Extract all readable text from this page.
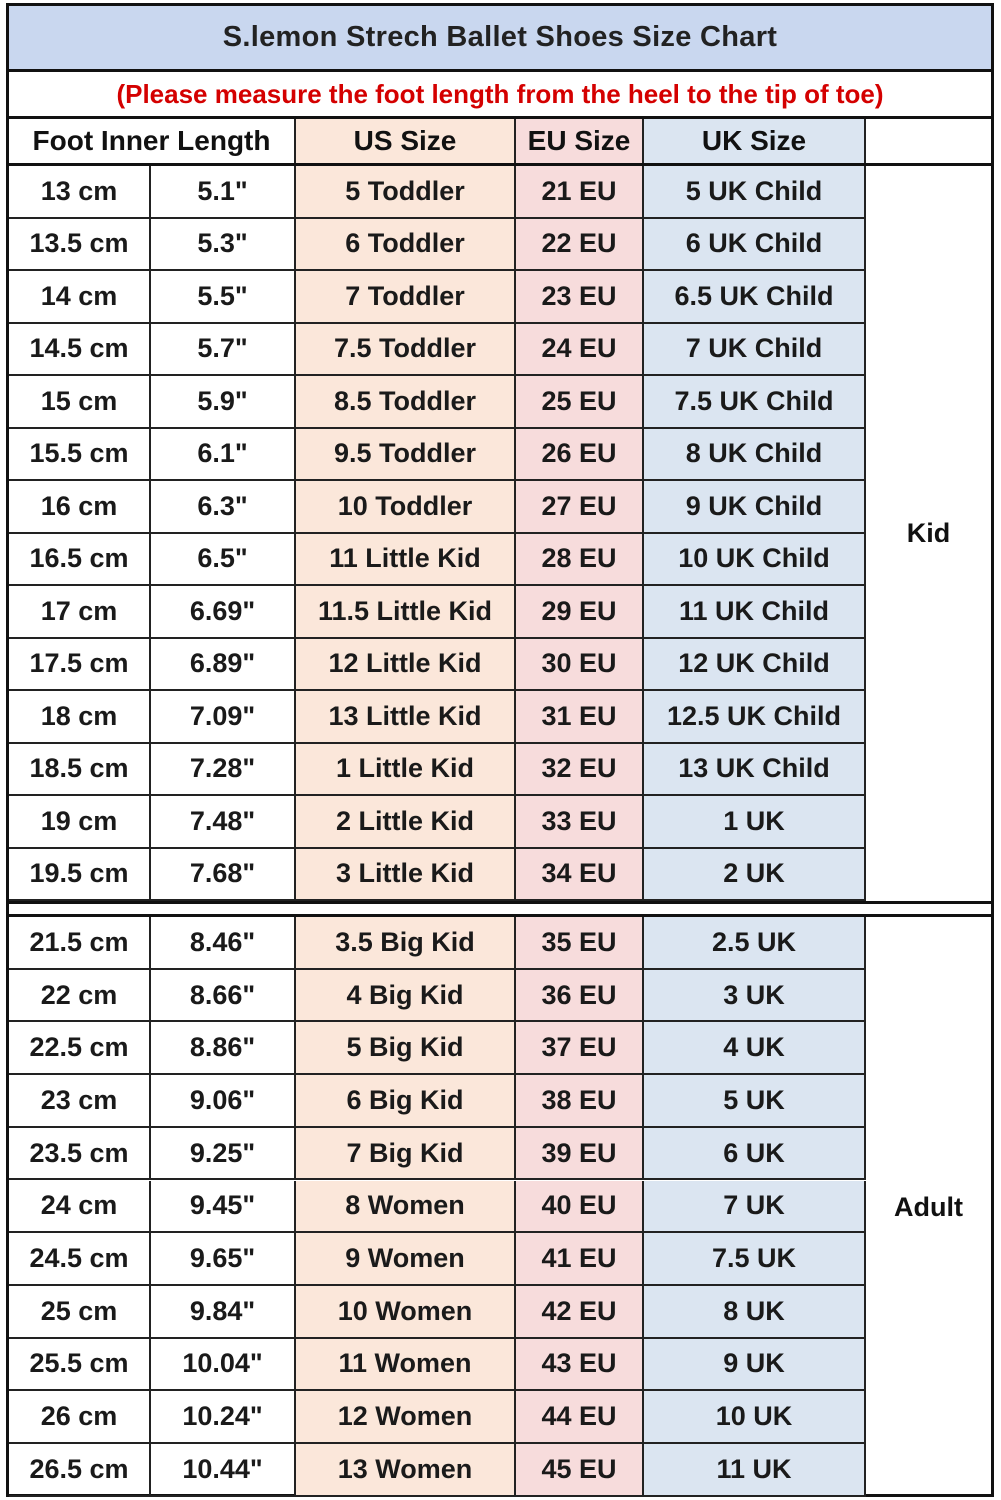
S.lemon Strech Ballet Shoes Size Chart
(Please measure the foot length from the heel to the tip of toe)
Foot Inner Length	US Size	EU Size	UK Size
13 cm	5.1"	5 Toddler	21 EU	5 UK Child
13.5 cm	5.3"	6 Toddler	22 EU	6 UK Child
14 cm	5.5"	7 Toddler	23 EU	6.5 UK Child
14.5 cm	5.7"	7.5 Toddler	24 EU	7 UK Child
15 cm	5.9"	8.5 Toddler	25 EU	7.5 UK Child
15.5 cm	6.1"	9.5 Toddler	26 EU	8 UK Child
16 cm	6.3"	10 Toddler	27 EU	9 UK Child
16.5 cm	6.5"	11 Little Kid	28 EU	10 UK Child
17 cm	6.69"	11.5 Little Kid	29 EU	11 UK Child
17.5 cm	6.89"	12 Little Kid	30 EU	12 UK Child
18 cm	7.09"	13 Little Kid	31 EU	12.5 UK Child
18.5 cm	7.28"	1 Little Kid	32 EU	13 UK Child
19 cm	7.48"	2 Little Kid	33 EU	1 UK
19.5 cm	7.68"	3 Little Kid	34 EU	2 UK
Kid
21.5 cm	8.46"	3.5 Big Kid	35 EU	2.5 UK
22 cm	8.66"	4 Big Kid	36 EU	3 UK
22.5 cm	8.86"	5 Big Kid	37 EU	4 UK
23 cm	9.06"	6 Big Kid	38 EU	5 UK
23.5 cm	9.25"	7 Big Kid	39 EU	6 UK
24 cm	9.45"	8 Women	40 EU	7 UK
24.5 cm	9.65"	9 Women	41 EU	7.5 UK
25 cm	9.84"	10 Women	42 EU	8 UK
25.5 cm	10.04"	11 Women	43 EU	9 UK
26 cm	10.24"	12 Women	44 EU	10 UK
26.5 cm	10.44"	13 Women	45 EU	11 UK
Adult
